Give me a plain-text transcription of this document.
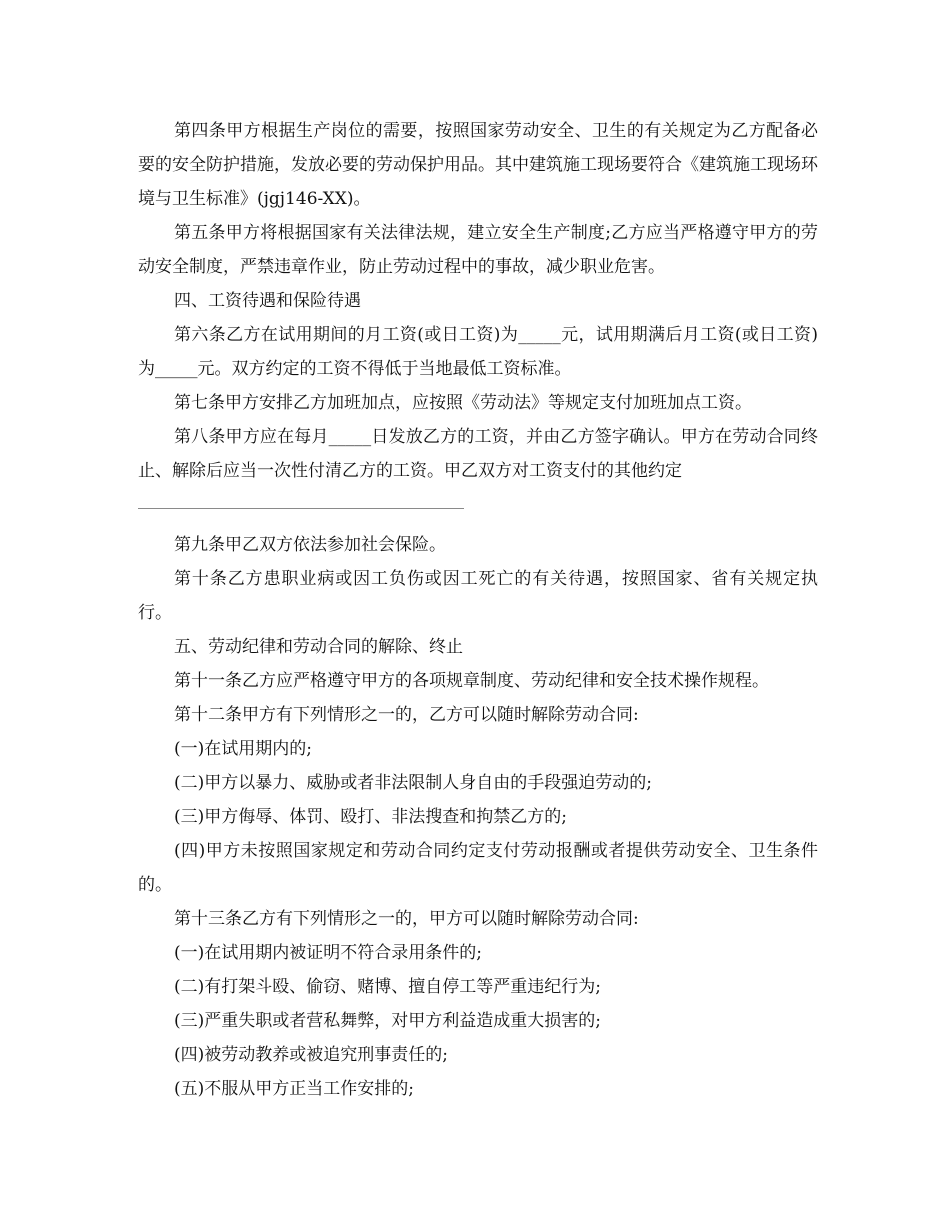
第四条甲方根据生产岗位的需要，按照国家劳动安全、卫生的有关规定为乙方配备必要的安全防护措施，发放必要的劳动保护用品。其中建筑施工现场要符合《建筑施工现场环境与卫生标准》(jgj146-XX)。

第五条甲方将根据国家有关法律法规，建立安全生产制度;乙方应当严格遵守甲方的劳动安全制度，严禁违章作业，防止劳动过程中的事故，减少职业危害。

四、工资待遇和保险待遇

第六条乙方在试用期间的月工资(或日工资)为_____元，试用期满后月工资(或日工资)为_____元。双方约定的工资不得低于当地最低工资标准。

第七条甲方安排乙方加班加点，应按照《劳动法》等规定支付加班加点工资。

第八条甲方应在每月_____日发放乙方的工资，并由乙方签字确认。甲方在劳动合同终止、解除后应当一次性付清乙方的工资。甲乙双方对工资支付的其他约定

第九条甲乙双方依法参加社会保险。

第十条乙方患职业病或因工负伤或因工死亡的有关待遇，按照国家、省有关规定执行。

五、劳动纪律和劳动合同的解除、终止

第十一条乙方应严格遵守甲方的各项规章制度、劳动纪律和安全技术操作规程。

第十二条甲方有下列情形之一的，乙方可以随时解除劳动合同:

(一)在试用期内的;

(二)甲方以暴力、威胁或者非法限制人身自由的手段强迫劳动的;

(三)甲方侮辱、体罚、殴打、非法搜查和拘禁乙方的;

(四)甲方未按照国家规定和劳动合同约定支付劳动报酬或者提供劳动安全、卫生条件的。

第十三条乙方有下列情形之一的，甲方可以随时解除劳动合同:

(一)在试用期内被证明不符合录用条件的;

(二)有打架斗殴、偷窃、赌博、擅自停工等严重违纪行为;

(三)严重失职或者营私舞弊，对甲方利益造成重大损害的;

(四)被劳动教养或被追究刑事责任的;

(五)不服从甲方正当工作安排的;
